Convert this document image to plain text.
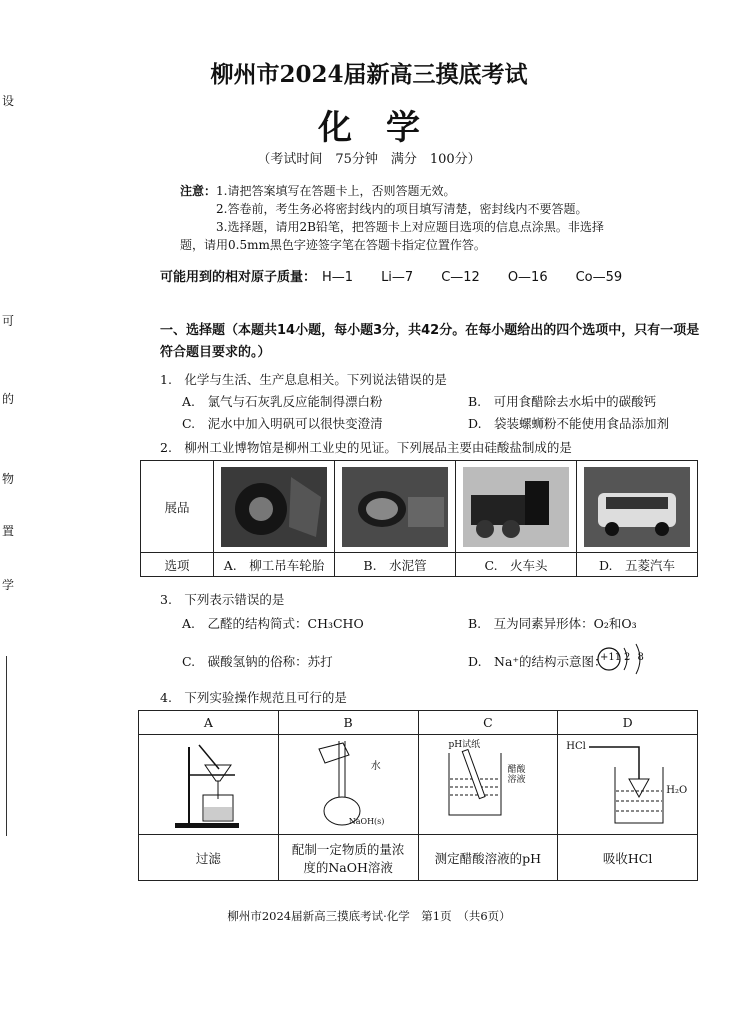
设
可
的
物
置
学
柳州市2024届新高三摸底考试
化学
（考试时间　75分钟　满分　100分）
注意：1.请把答案填写在答题卡上，否则答题无效。
2.答卷前，考生务必将密封线内的项目填写清楚，密封线内不要答题。
3.选择题，请用2B铅笔，把答题卡上对应题目选项的信息点涂黑。非选择
题，请用0.5mm黑色字迹签字笔在答题卡指定位置作答。
可能用到的相对原子质量： H—1 Li—7 C—12 O—16 Co—59
一、选择题（本题共14小题，每小题3分，共42分。在每小题给出的四个选项中，只有一项是
符合题目要求的。）
1.　化学与生活、生产息息相关。下列说法错误的是
A.　氯气与石灰乳反应能制得漂白粉	B.　可用食醋除去水垢中的碳酸钙
C.　泥水中加入明矾可以很快变澄清	D.　袋装螺蛳粉不能使用食品添加剂
2.　柳州工业博物馆是柳州工业史的见证。下列展品主要由硅酸盐制成的是
展品	

选项	A.　柳工吊车轮胎	B.　水泥管	C.　火车头	D.　五菱汽车
3.　下列表示错误的是
A.　乙醛的结构简式：CH₃CHO	B.　互为同素异形体：O₂和O₃
C.　碳酸氢钠的俗称：苏打	D.　Na⁺的结构示意图：
+11 2 8
4.　下列实验操作规范且可行的是
A	B	C	D

水
NaOH(s)	pH试纸
醋酸溶液	HCl
H₂O

过滤	配制一定物质的量浓度的NaOH溶液	测定醋酸溶液的pH	吸收HCl
柳州市2024届新高三摸底考试·化学　第1页　（共6页）
